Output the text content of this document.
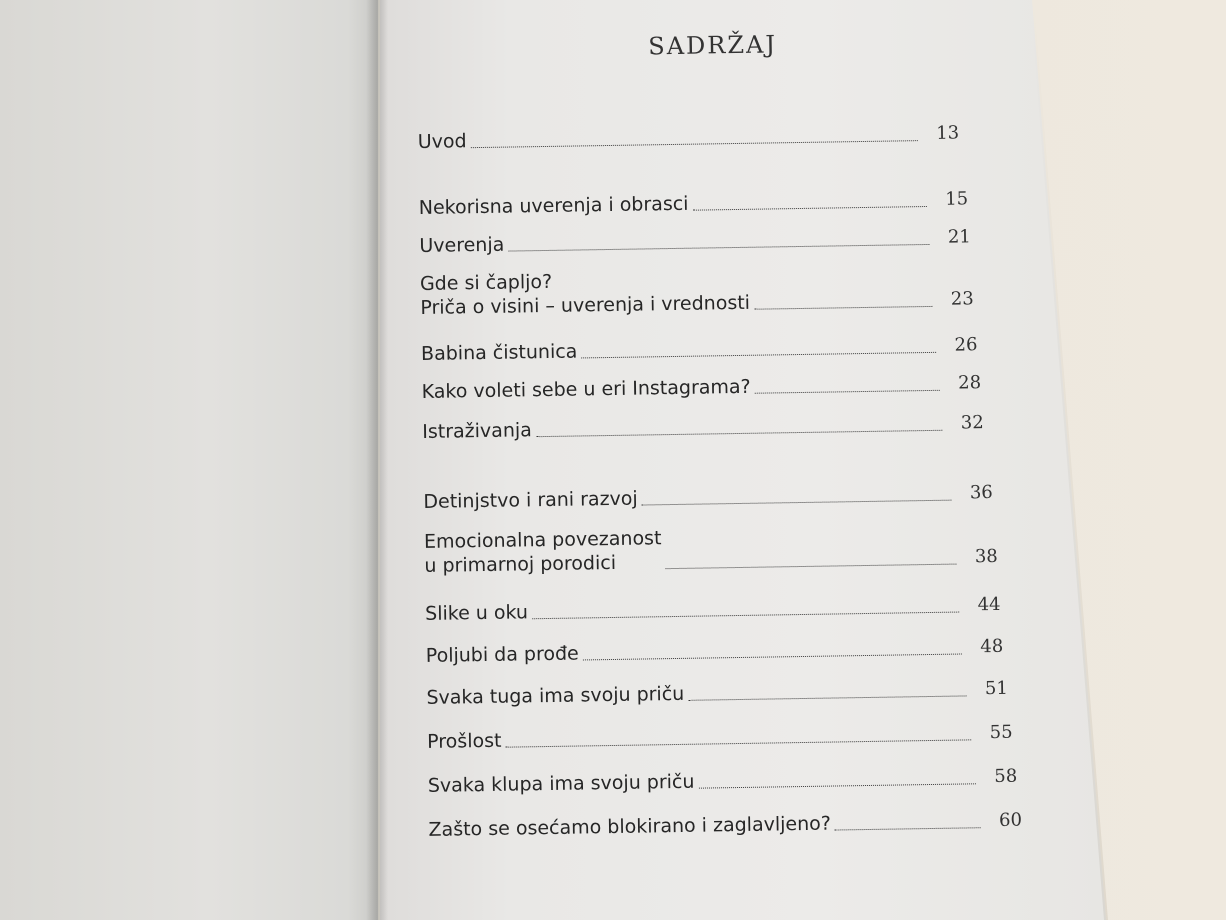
SADRŽAJ
Uvod	13
Nekorisna uverenja i obrasci	15
Uverenja	21
Gde si čapljo?
Priča o visini – uverenja i vrednosti	23
Babina čistunica	26
Kako voleti sebe u eri Instagrama?	28
Istraživanja	32
Detinjstvo i rani razvoj	36
Emocionalna povezanost
u primarnoj porodici	38
Slike u oku	44
Poljubi da prođe	48
Svaka tuga ima svoju priču	51
Prošlost	55
Svaka klupa ima svoju priču	58
Zašto se osećamo blokirano i zaglavljeno?	60
